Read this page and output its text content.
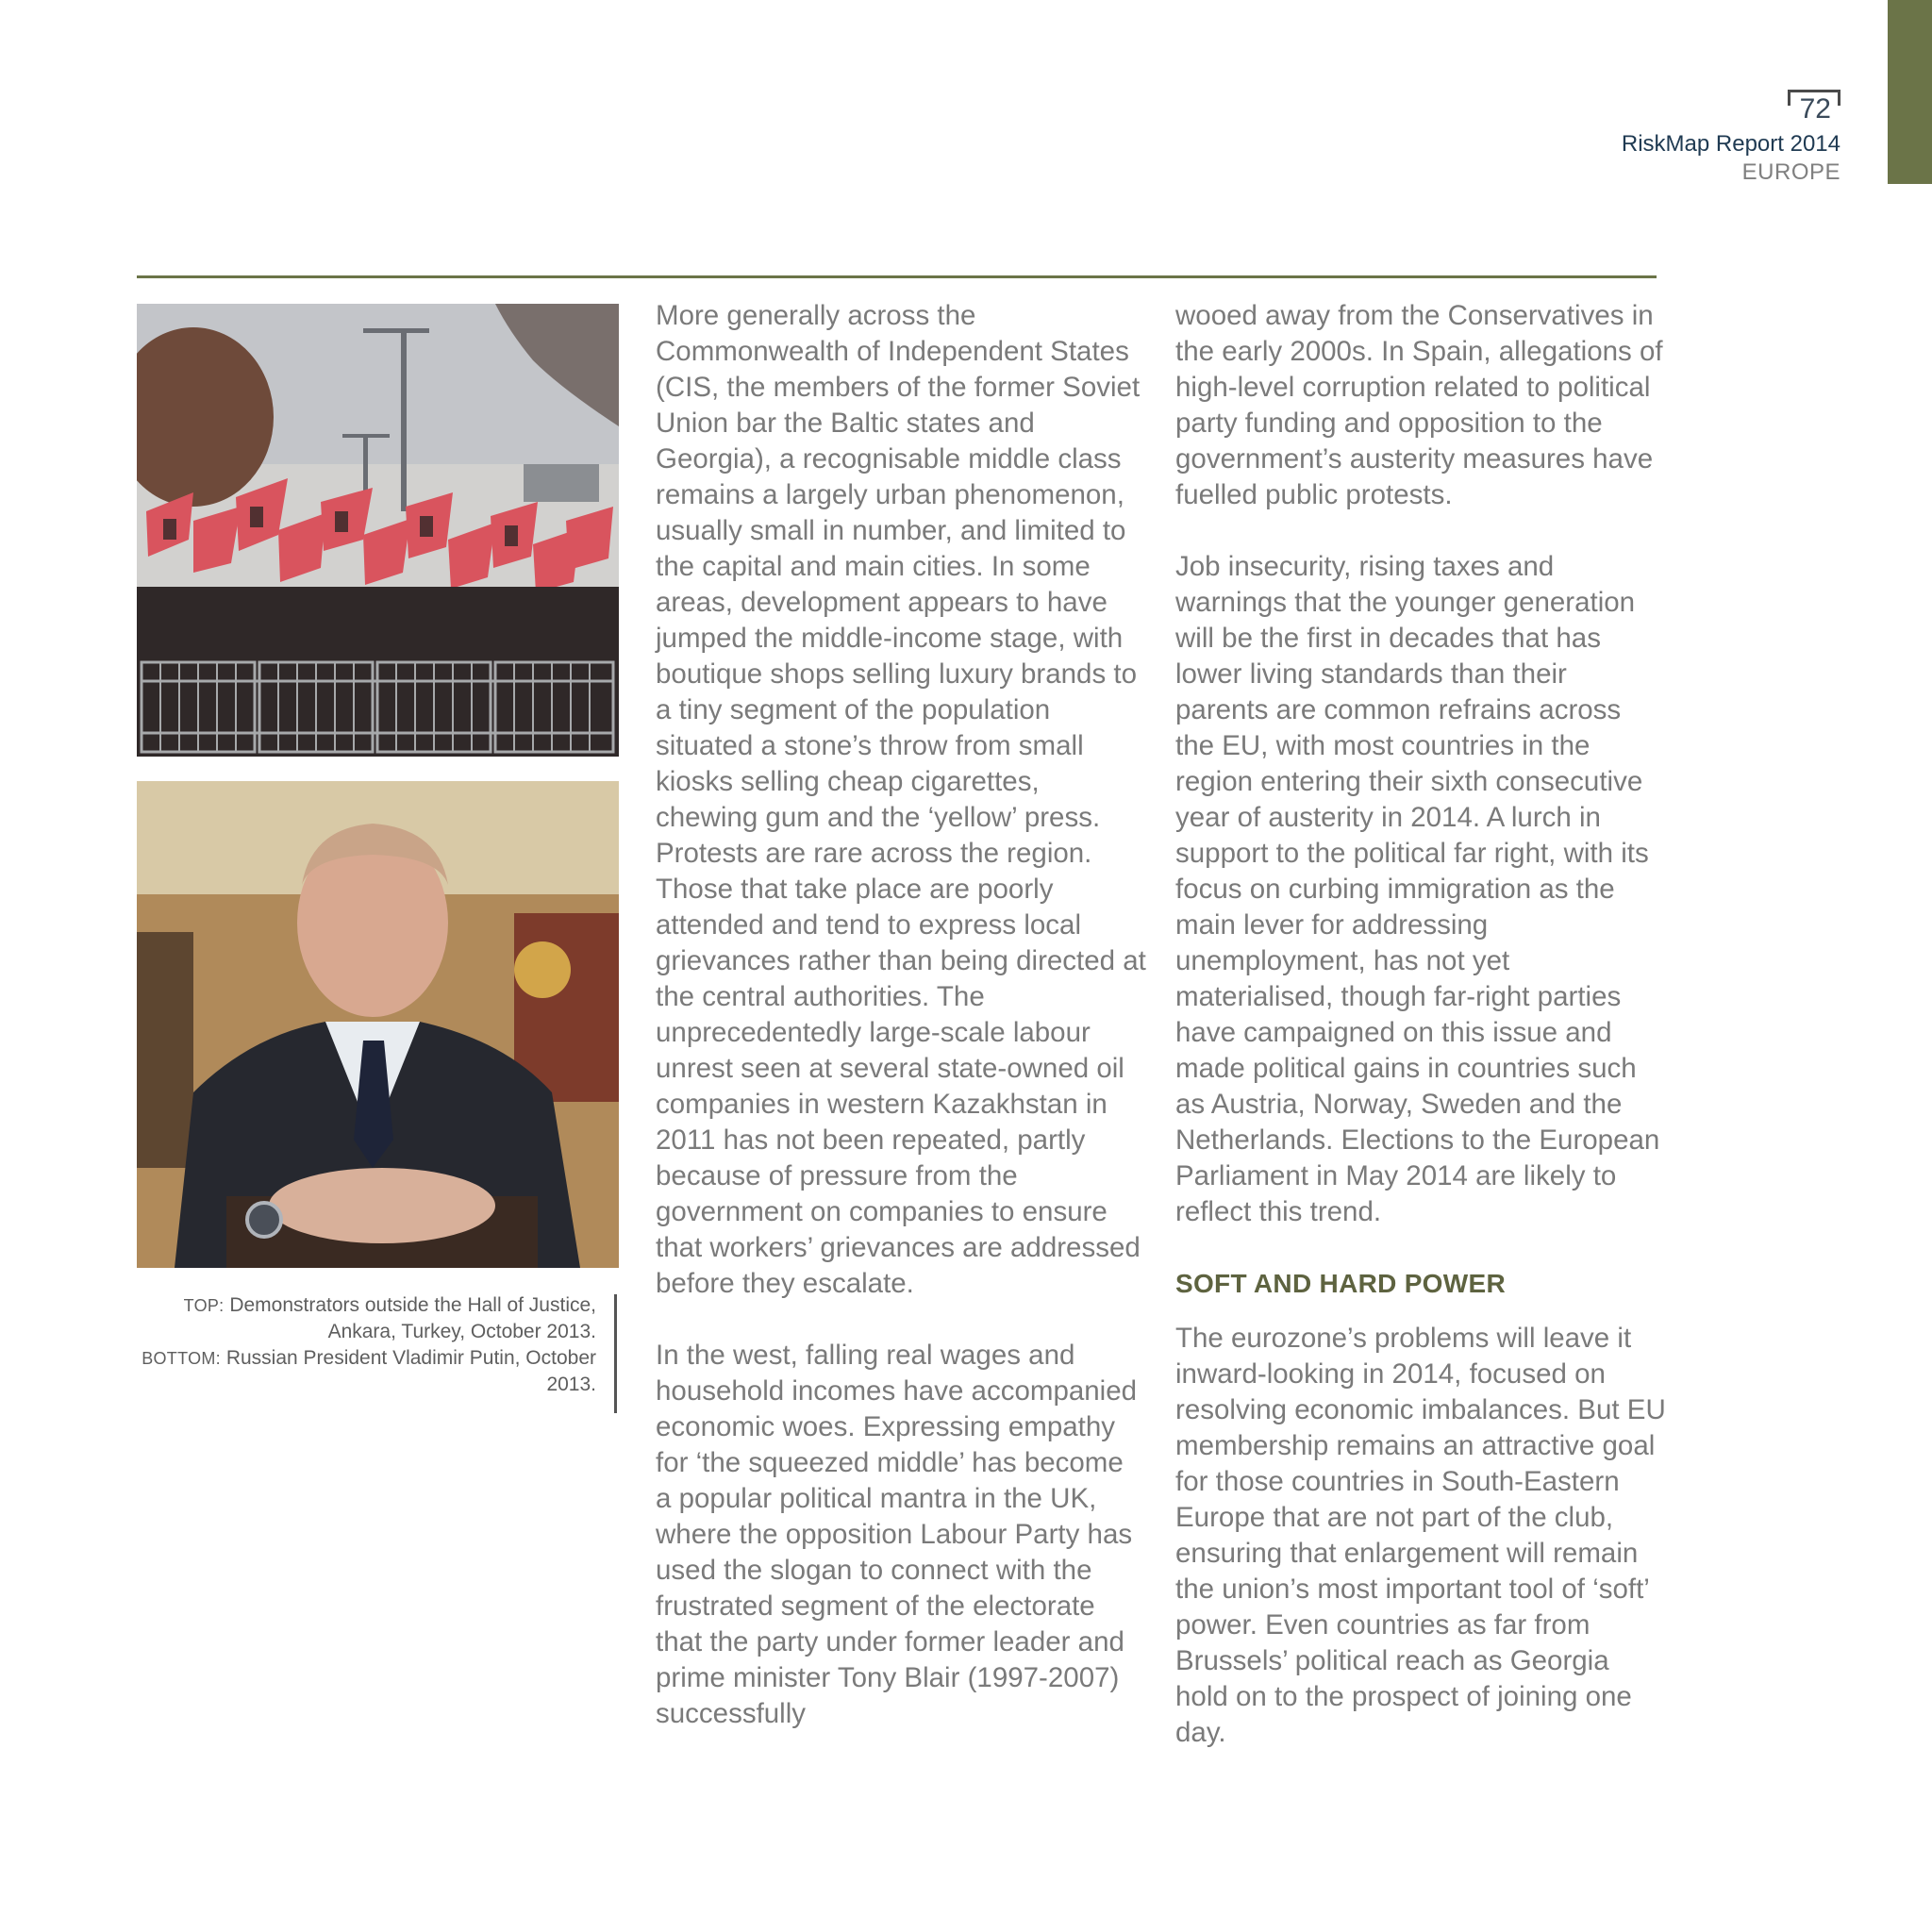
72
RiskMap Report 2014
EUROPE
TOP: Demonstrators outside the Hall of Justice, Ankara, Turkey, October 2013.
BOTTOM: Russian President Vladimir Putin, October 2013.

More generally across the Commonwealth of Independent States (CIS, the members of the former Soviet Union bar the Baltic states and Georgia), a recognisable middle class remains a largely urban phenomenon, usually small in number, and limited to the capital and main cities. In some areas, development appears to have jumped the middle-income stage, with boutique shops selling luxury brands to a tiny segment of the population situated a stone’s throw from small kiosks selling cheap cigarettes, chewing gum and the ‘yellow’ press. Protests are rare across the region. Those that take place are poorly attended and tend to express local grievances rather than being directed at the central authorities. The unprecedentedly large-scale labour unrest seen at several state-owned oil companies in western Kazakhstan in 2011 has not been repeated, partly because of pressure from the government on companies to ensure that workers’ grievances are addressed before they escalate.

In the west, falling real wages and household incomes have accompanied economic woes. Expressing empathy for ‘the squeezed middle’ has become a popular political mantra in the UK, where the opposition Labour Party has used the slogan to connect with the frustrated segment of the electorate that the party under former leader and prime minister Tony Blair (1997-2007) successfully

wooed away from the Conservatives in the early 2000s. In Spain, allegations of high-level corruption related to political party funding and opposition to the government’s austerity measures have fuelled public protests.

Job insecurity, rising taxes and warnings that the younger generation will be the first in decades that has lower living standards than their parents are common refrains across the EU, with most countries in the region entering their sixth consecutive year of austerity in 2014. A lurch in support to the political far right, with its focus on curbing immigration as the main lever for addressing unemployment, has not yet materialised, though far-right parties have campaigned on this issue and made political gains in countries such as Austria, Norway, Sweden and the Netherlands. Elections to the European Parliament in May 2014 are likely to reflect this trend.

SOFT AND HARD POWER

The eurozone’s problems will leave it inward-looking in 2014, focused on resolving economic imbalances. But EU membership remains an attractive goal for those countries in South-Eastern Europe that are not part of the club, ensuring that enlargement will remain the union’s most important tool of ‘soft’ power. Even countries as far from Brussels’ political reach as Georgia hold on to the prospect of joining one day.
